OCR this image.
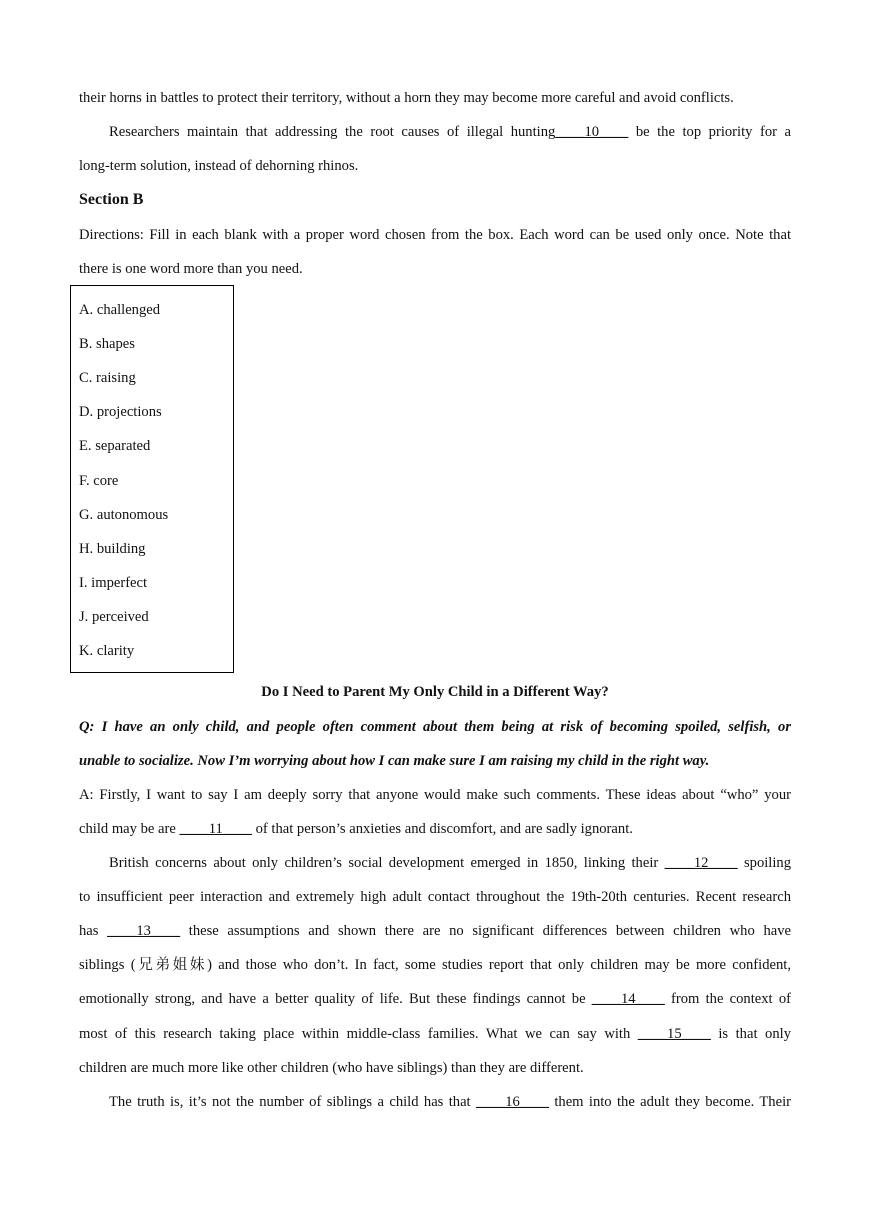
their horns in battles to protect their territory, without a horn they may become more careful and avoid conflicts.
Researchers maintain that addressing the root causes of illegal hunting____10____ be the top priority for a
long-term solution, instead of dehorning rhinos.
Section B
Directions: Fill in each blank with a proper word chosen from the box. Each word can be used only once. Note that
there is one word more than you need.
A. challenged
B. shapes
C. raising
D. projections
E. separated
F. core
G. autonomous
H. building
I. imperfect
J. perceived
K. clarity
Do I Need to Parent My Only Child in a Different Way?
Q: I have an only child, and people often comment about them being at risk of becoming spoiled, selfish, or
unable to socialize. Now I’m worrying about how I can make sure I am raising my child in the right way.
A: Firstly, I want to say I am deeply sorry that anyone would make such comments. These ideas about “who” your
child may be are ____11____ of that person’s anxieties and discomfort, and are sadly ignorant.
British concerns about only children’s social development emerged in 1850, linking their ____12____ spoiling
to insufficient peer interaction and extremely high adult contact throughout the 19th-20th centuries. Recent research
has ____13____ these assumptions and shown there are no significant differences between children who have
siblings (兄弟姐妹) and those who don’t. In fact, some studies report that only children may be more confident,
emotionally strong, and have a better quality of life. But these findings cannot be ____14____ from the context of
most of this research taking place within middle-class families. What we can say with ____15____ is that only
children are much more like other children (who have siblings) than they are different.
The truth is, it’s not the number of siblings a child has that ____16____ them into the adult they become. Their
